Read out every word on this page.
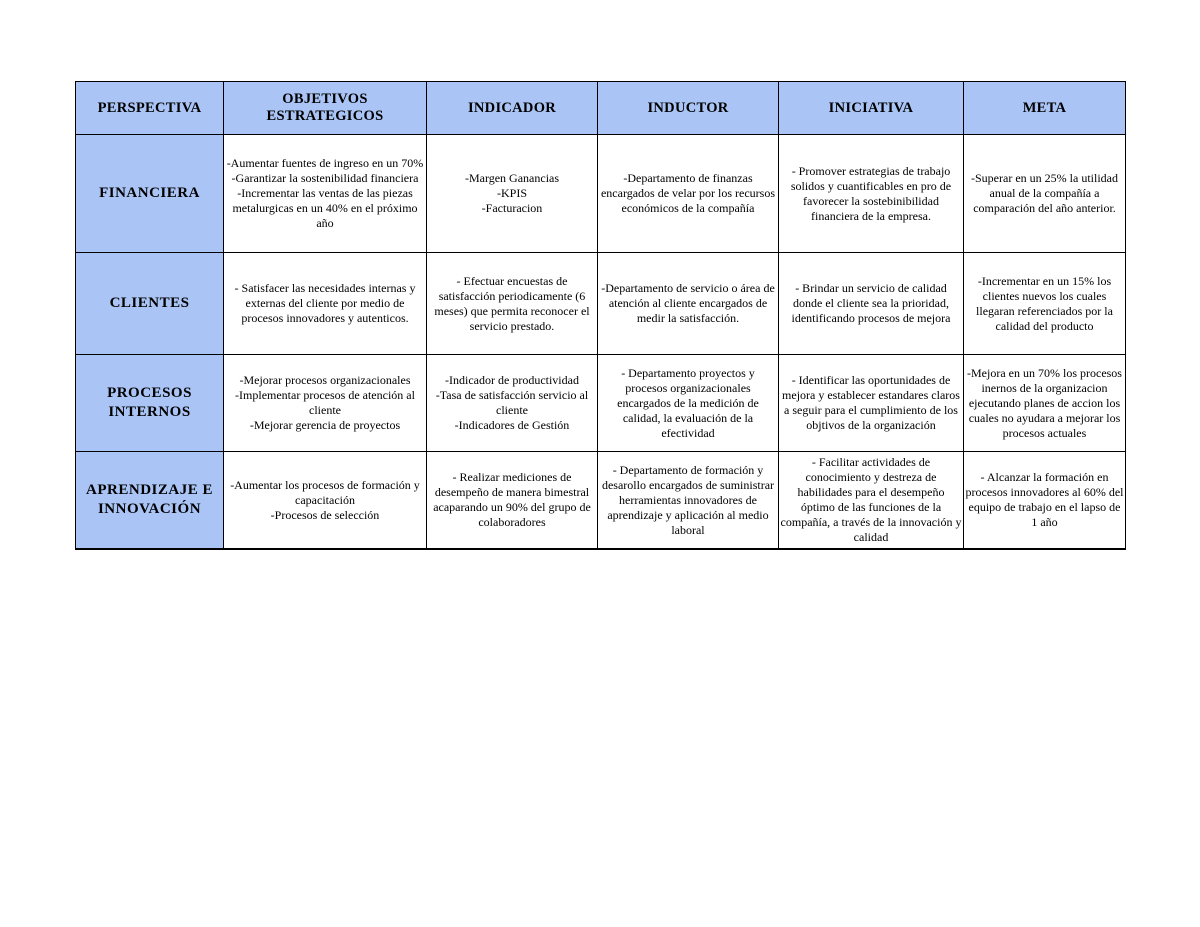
PERSPECTIVA	OBJETIVOS ESTRATEGICOS	INDICADOR	INDUCTOR	INICIATIVA	META
FINANCIERA	-Aumentar fuentes de ingreso en un 70%
-Garantizar la sostenibilidad financiera
-Incrementar las ventas de las piezas metalurgicas en un 40% en el próximo año	-Margen Ganancias
-KPIS
-Facturacion	-Departamento de finanzas encargados de velar por los recursos económicos de la compañía	- Promover estrategias de trabajo solidos y cuantificables en pro de favorecer la sostebinibilidad financiera de la empresa.	-Superar en un 25% la utilidad anual de la compañía a comparación del año anterior.

CLIENTES	- Satisfacer las necesidades internas y externas del cliente por medio de procesos innovadores y autenticos.	- Efectuar encuestas de satisfacción periodicamente (6 meses) que permita reconocer el servicio prestado.	-Departamento de servicio o área de atención al cliente encargados de medir la satisfacción.	- Brindar un servicio de calidad donde el cliente sea la prioridad, identificando procesos de mejora	-Incrementar en un 15% los clientes nuevos los cuales llegaran referenciados por la calidad del producto

PROCESOS INTERNOS	-Mejorar procesos organizacionales
-Implementar procesos de atención al cliente
-Mejorar gerencia de proyectos	-Indicador de productividad
-Tasa de satisfacción servicio al cliente
-Indicadores de Gestión	- Departamento proyectos y procesos organizacionales encargados de la medición de calidad, la evaluación de la efectividad	- Identificar las oportunidades de mejora y establecer estandares claros a seguir para el cumplimiento de los objtivos de la organización	-Mejora en un 70% los procesos inernos de la organizacion ejecutando planes de accion los cuales no ayudara a mejorar los procesos actuales

APRENDIZAJE E INNOVACIÓN	-Aumentar los procesos de formación y capacitación
-Procesos de selección	- Realizar mediciones de desempeño de manera bimestral acaparando un 90% del grupo de colaboradores	- Departamento de formación y desarollo encargados de suministrar herramientas innovadores de aprendizaje y aplicación al medio laboral	- Facilitar actividades de conocimiento y destreza de habilidades para el desempeño óptimo de las funciones de la compañía, a través de la innovación y calidad	- Alcanzar la formación en procesos innovadores al 60% del equipo de trabajo en el lapso de 1 año
